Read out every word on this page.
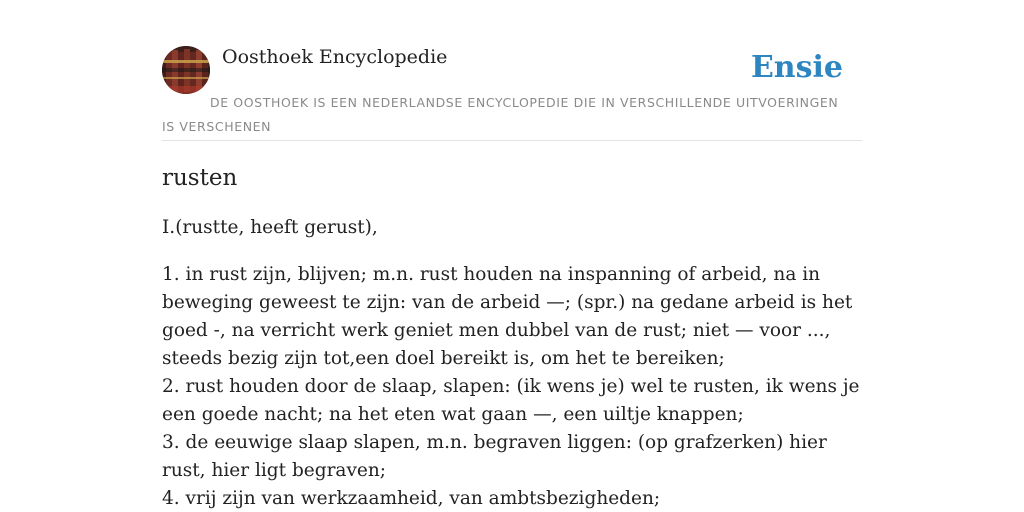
Oosthoek Encyclopedie	Ensie
DE OOSTHOEK IS EEN NEDERLANDSE ENCYCLOPEDIE DIE IN VERSCHILLENDE UITVOERINGEN IS VERSCHENEN
rusten

I.(rustte, heeft gerust),

1. in rust zijn, blijven; m.n. rust houden na inspanning of arbeid, na in beweging geweest te zijn: van de arbeid —; (spr.) na gedane arbeid is het goed -, na verricht werk geniet men dubbel van de rust; niet — voor ..., steeds bezig zijn tot,een doel bereikt is, om het te bereiken;
2. rust houden door de slaap, slapen: (ik wens je) wel te rusten, ik wens je een goede nacht; na het eten wat gaan —, een uiltje knappen;
3. de eeuwige slaap slapen, m.n. begraven liggen: (op grafzerken) hier rust, hier ligt begraven;
4. vrij zijn van werkzaamheid, van ambtsbezigheden;
